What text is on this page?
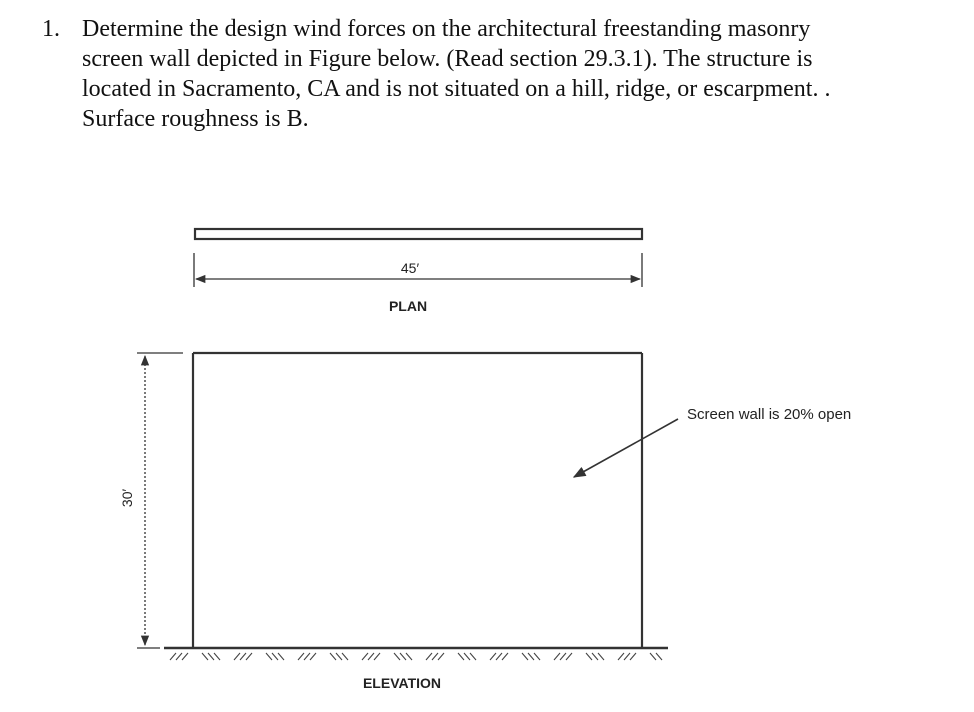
1. Determine the design wind forces on the architectural freestanding masonry
screen wall depicted in Figure below. (Read section 29.3.1). The structure is
located in Sacramento, CA and is not situated on a hill, ridge, or escarpment. .
Surface roughness is B.
45′
PLAN
30′
Screen wall is 20% open
ELEVATION
